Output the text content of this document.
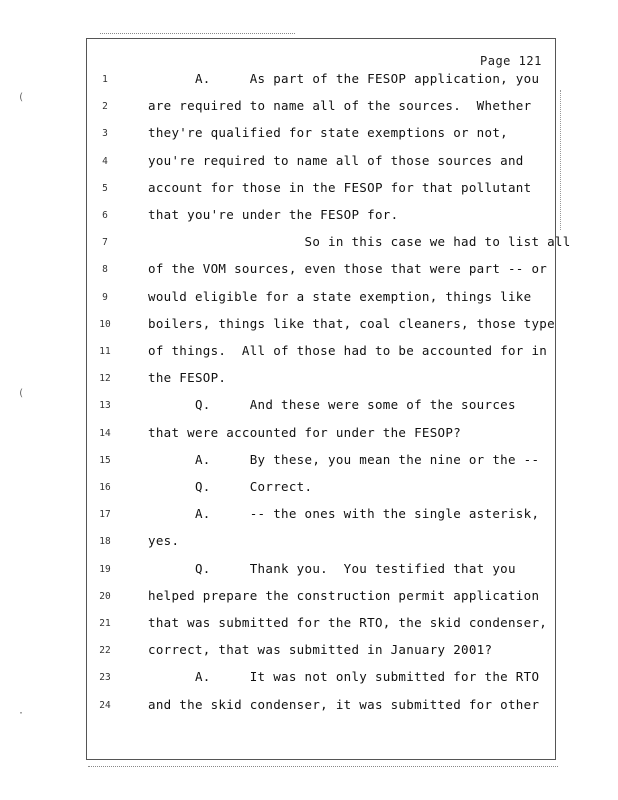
(
(
·
Page 121
1	A.     As part of the FESOP application, you
2	are required to name all of the sources.  Whether
3	they're qualified for state exemptions or not,
4	you're required to name all of those sources and
5	account for those in the FESOP for that pollutant
6	that you're under the FESOP for.
7	So in this case we had to list all
8	of the VOM sources, even those that were part -- or
9	would eligible for a state exemption, things like
10	boilers, things like that, coal cleaners, those type
11	of things.  All of those had to be accounted for in
12	the FESOP.
13	Q.     And these were some of the sources
14	that were accounted for under the FESOP?
15	A.     By these, you mean the nine or the --
16	Q.     Correct.
17	A.     -- the ones with the single asterisk,
18	yes.
19	Q.     Thank you.  You testified that you
20	helped prepare the construction permit application
21	that was submitted for the RTO, the skid condenser,
22	correct, that was submitted in January 2001?
23	A.     It was not only submitted for the RTO
24	and the skid condenser, it was submitted for other
